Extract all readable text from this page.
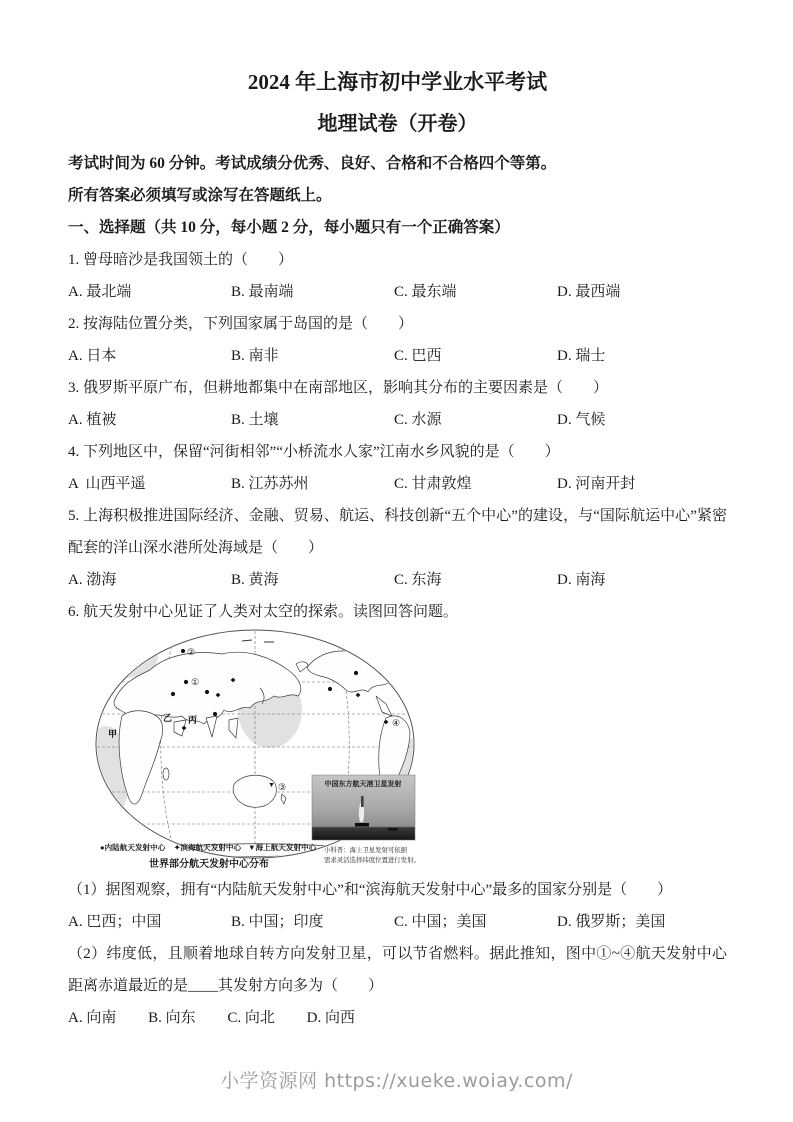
2024 年上海市初中学业水平考试
地理试卷（开卷）

考试时间为 60 分钟。考试成绩分优秀、良好、合格和不合格四个等第。

所有答案必须填写或涂写在答题纸上。

一、选择题（共 10 分，每小题 2 分，每小题只有一个正确答案）

1. 曾母暗沙是我国领土的（　　）

A. 最北端	B. 最南端	C. 最东端	D. 最西端

2. 按海陆位置分类，下列国家属于岛国的是（　　）

A. 日本	B. 南非	C. 巴西	D. 瑞士

3. 俄罗斯平原广布，但耕地都集中在南部地区，影响其分布的主要因素是（　　）

A. 植被	B. 土壤	C. 水源	D. 气候

4. 下列地区中，保留“河街相邻”“小桥流水人家”江南水乡风貌的是（　　）

A  山西平遥	B. 江苏苏州	C. 甘肃敦煌	D. 河南开封

5. 上海积极推进国际经济、金融、贸易、航运、科技创新“五个中心”的建设，与“国际航运中心”紧密配套的洋山深水港所处海域是（　　）

A. 渤海	B. 黄海	C. 东海	D. 南海

6. 航天发射中心见证了人类对太空的探索。读图回答问题。

②
①
甲
乙 丙
▼ ③
④
中国东方航天港卫星发射
●内陆航天发射中心 ✦滨海航天发射中心 ▼海上航天发射中心 小科普：海上卫星发射可依据
需求灵活选择纬度位置进行发射。
世界部分航天发射中心分布

（1）据图观察，拥有“内陆航天发射中心”和“滨海航天发射中心”最多的国家分别是（　　）

A. 巴西；中国	B. 中国；印度	C. 中国；美国	D. 俄罗斯；美国

（2）纬度低，且顺着地球自转方向发射卫星，可以节省燃料。据此推知，图中①~④航天发射中心距离赤道最近的是____其发射方向多为（　　）

A. 向南 B. 向东 C. 向北 D. 向西
小学资源网 https://xueke.woiay.com/
